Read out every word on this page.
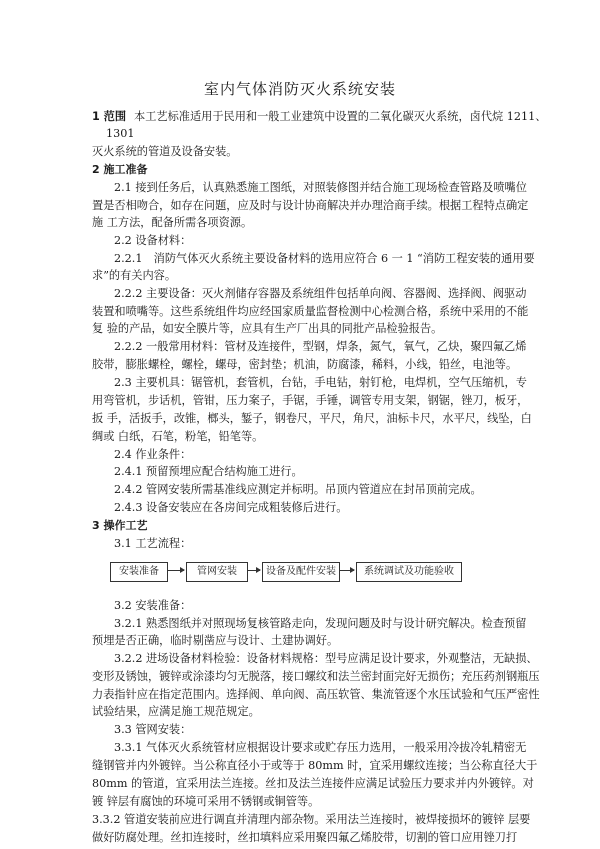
室内气体消防灭火系统安装
1 范围 本工艺标准适用于民用和一般工业建筑中设置的二氧化碳灭火系统，卤代烷 1211、
1301
灭火系统的管道及设备安装。
2 施工准备
2.1 接到任务后，认真熟悉施工图纸，对照装修图并结合施工现场检查管路及喷嘴位
置是否相吻合，如存在问题，应及时与设计协商解决并办理洽商手续。根据工程特点确定
施 工方法，配备所需各项资源。
2.2 设备材料：
2.2.1　消防气体灭火系统主要设备材料的选用应符合 6 一 1 “消防工程安装的通用要
求”的有关内容。
2.2.2 主要设备：灭火剂储存容器及系统组件包括单向阀、容器阀、选择阀、阀驱动
装置和喷嘴等。这些系统组件均应经国家质量监督检测中心检测合格，系统中采用的不能
复 验的产品，如安全膜片等，应具有生产厂出具的同批产品检验报告。
2.2.2 一般常用材料：管材及连接件，型钢，焊条，氮气，氧气，乙炔，聚四氟乙烯
胶带，膨胀螺栓，螺栓，螺母，密封垫；机油，防腐漆，稀料，小线，铅丝，电池等。
2.3 主要机具：锯管机，套管机，台钻，手电钻，射钉枪，电焊机，空气压缩机，专
用弯管机，步话机，管钳，压力案子，手锯，手锤，调管专用支架，钢锯，锉刀，板牙，
扳 手，活扳手，改锥，榔头，錾子，钢卷尺，平尺，角尺，油标卡尺，水平尺，线坠，白
绸或 白纸，石笔，粉笔，铅笔等。
2.4 作业条件：
2.4.1 预留预埋应配合结构施工进行。
2.4.2 管网安装所需基准线应测定并标明。吊顶内管道应在封吊顶前完成。
2.4.3 设备安装应在各房间完成粗装修后进行。
3 操作工艺
3.1 工艺流程：
安装准备	管网安装	设备及配件安装	系统调试及功能验收
3.2 安装准备：
3.2.1 熟悉图纸并对照现场复核管路走向，发现问题及时与设计研究解决。检查预留
预埋是否正确，临时剔凿应与设计、土建协调好。
3.2.2 进场设备材料检验：设备材料规格：型号应满足设计要求，外观整洁，无缺损、
变形及锈蚀，镀锌或涂漆均匀无脱落，接口螺纹和法兰密封面完好无损伤；充压药剂钢瓶压
力表指针应在指定范围内。选择阀、单向阀、高压软管、集流管逐个水压试验和气压严密性
试验结果，应满足施工规范规定。
3.3 管网安装：
3.3.1 气体灭火系统管材应根据设计要求或贮存压力选用，一般采用冷拔冷轧精密无
缝钢管并内外镀锌。当公称直径小于或等于 80mm 时，宜采用螺纹连接；当公称直径大于
80mm 的管道，宜采用法兰连接。丝扣及法兰连接件应满足试验压力要求并内外镀锌。对
镀 锌层有腐蚀的环境可采用不锈钢或铜管等。
3.3.2 管道安装前应进行调直并清理内部杂物。采用法兰连接时，被焊接损坏的镀锌 层要
做好防腐处理。丝扣连接时，丝扣填料应采用聚四氟乙烯胶带，切割的管口应用锉刀打
